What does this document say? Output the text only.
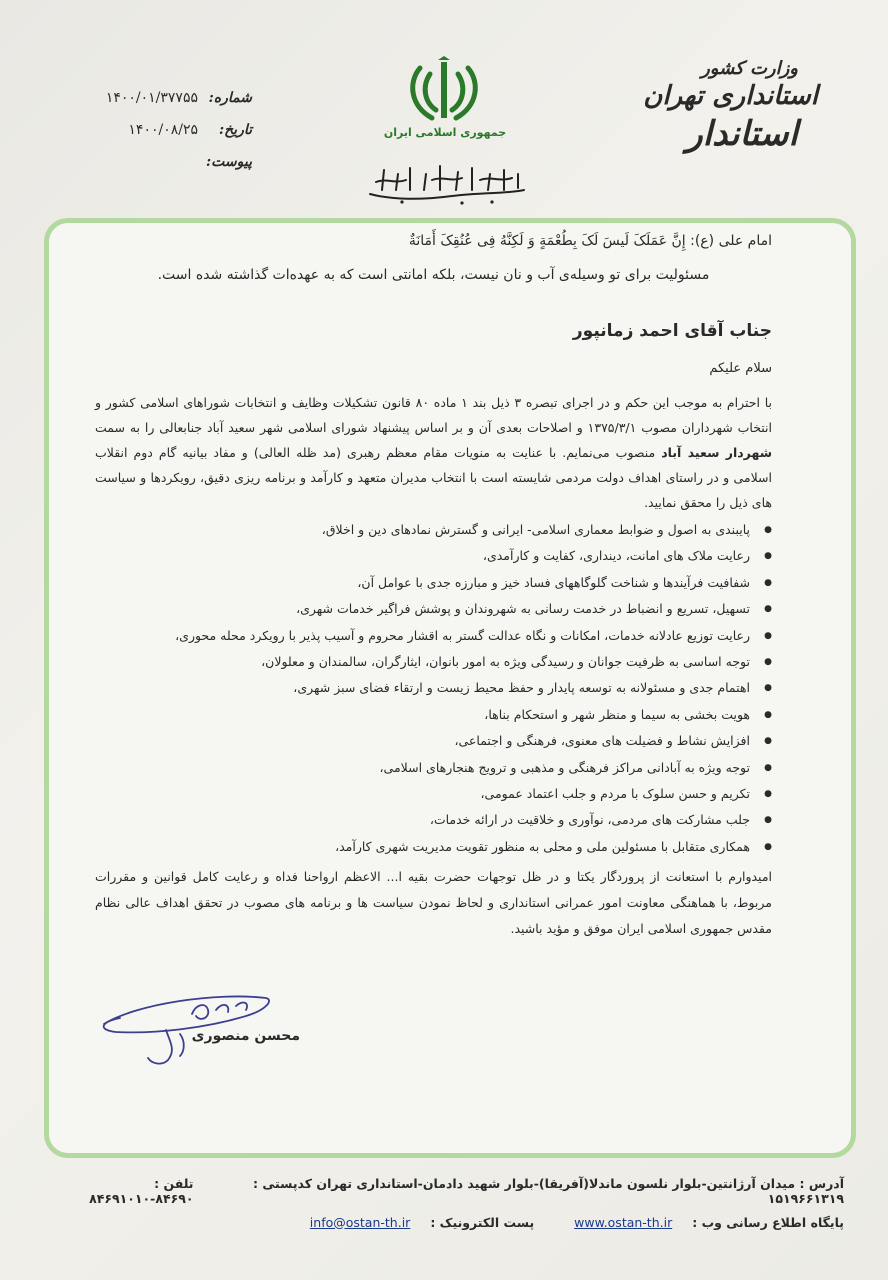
وزارت کشور
استانداری تهران
استاندار
جمهوری اسلامی ایران
شماره:
۱۴۰۰/۰۱/۳۷۷۵۵
تاریخ:
۱۴۰۰/۰۸/۲۵
پیوست:
امام علی (ع): إِنَّ عَمَلَکَ لَیسَ لَکَ بِطُعْمَةٍ وَ لَکِنَّهُ فِی عُنُقِکَ أَمَانَةٌ
مسئولیت برای تو وسیله‌ی آب و نان نیست، بلکه امانتی است که به عهده‌ات گذاشته شده است.
جناب آقای احمد زمانپور
سلام علیکم
با احترام به موجب این حکم و در اجرای تبصره ۳ ذیل بند ۱ ماده ۸۰ قانون تشکیلات وظایف و انتخابات شوراهای اسلامی کشور و انتخاب شهرداران مصوب ۱۳۷۵/۳/۱ و اصلاحات بعدی آن و بر اساس پیشنهاد شورای اسلامی شهر سعید آباد جنابعالی را به سمت شهردار سعید آباد منصوب می‌نمایم. با عنایت به منویات مقام معظم رهبری (مد ظله العالی) و مفاد بیانیه گام دوم انقلاب اسلامی و در راستای اهداف دولت مردمی شایسته است با انتخاب مدیران متعهد و کارآمد و برنامه ریزی دقیق، رویکردها و سیاست های ذیل را محقق نمایید.
● پایبندی به اصول و ضوابط معماری اسلامی- ایرانی و گسترش نمادهای دین و اخلاق،
● رعایت ملاک های امانت، دینداری، کفایت و کارآمدی،
● شفافیت فرآیندها و شناخت گلوگاههای فساد خیز و مبارزه جدی با عوامل آن،
● تسهیل، تسریع و انضباط در خدمت رسانی به شهروندان و پوشش فراگیر خدمات شهری،
● رعایت توزیع عادلانه خدمات، امکانات و نگاه عدالت گستر به اقشار محروم و آسیب پذیر با رویکرد محله محوری،
● توجه اساسی به ظرفیت جوانان و رسیدگی ویژه به امور بانوان، ایثارگران، سالمندان و معلولان،
● اهتمام جدی و مسئولانه به توسعه پایدار و حفظ محیط زیست و ارتقاء فضای سبز شهری،
● هویت بخشی به سیما و منظر شهر و استحکام بناها،
● افزایش نشاط و فضیلت های معنوی، فرهنگی و اجتماعی،
● توجه ویژه به آبادانی مراکز فرهنگی و مذهبی و ترویج هنجارهای اسلامی،
● تکریم و حسن سلوک با مردم و جلب اعتماد عمومی،
● جلب مشارکت های مردمی، نوآوری و خلاقیت در ارائه خدمات،
● همکاری متقابل با مسئولین ملی و محلی به منظور تقویت مدیریت شهری کارآمد،
امیدوارم با استعانت از پروردگار یکتا و در ظل توجهات حضرت بقیه ا... الاعظم ارواحنا فداه و رعایت کامل قوانین و مقررات مربوط، با هماهنگی معاونت امور عمرانی استانداری و لحاظ نمودن سیاست ها و برنامه های مصوب در تحقق اهداف عالی نظام مقدس جمهوری اسلامی ایران موفق و مؤید باشید.
محسن منصوری
آدرس : میدان آرژانتین-بلوار نلسون ماندلا(آفریقا)-بلوار شهید دادمان-استانداری تهران کدپستی : ۱۵۱۹۶۶۱۳۱۹
تلفن : ۸۴۶۹۰-۸۴۶۹۱۰۱۰
پایگاه اطلاع رسانی وب :
www.ostan-th.ir
پست الکترونیک :
info@ostan-th.ir
